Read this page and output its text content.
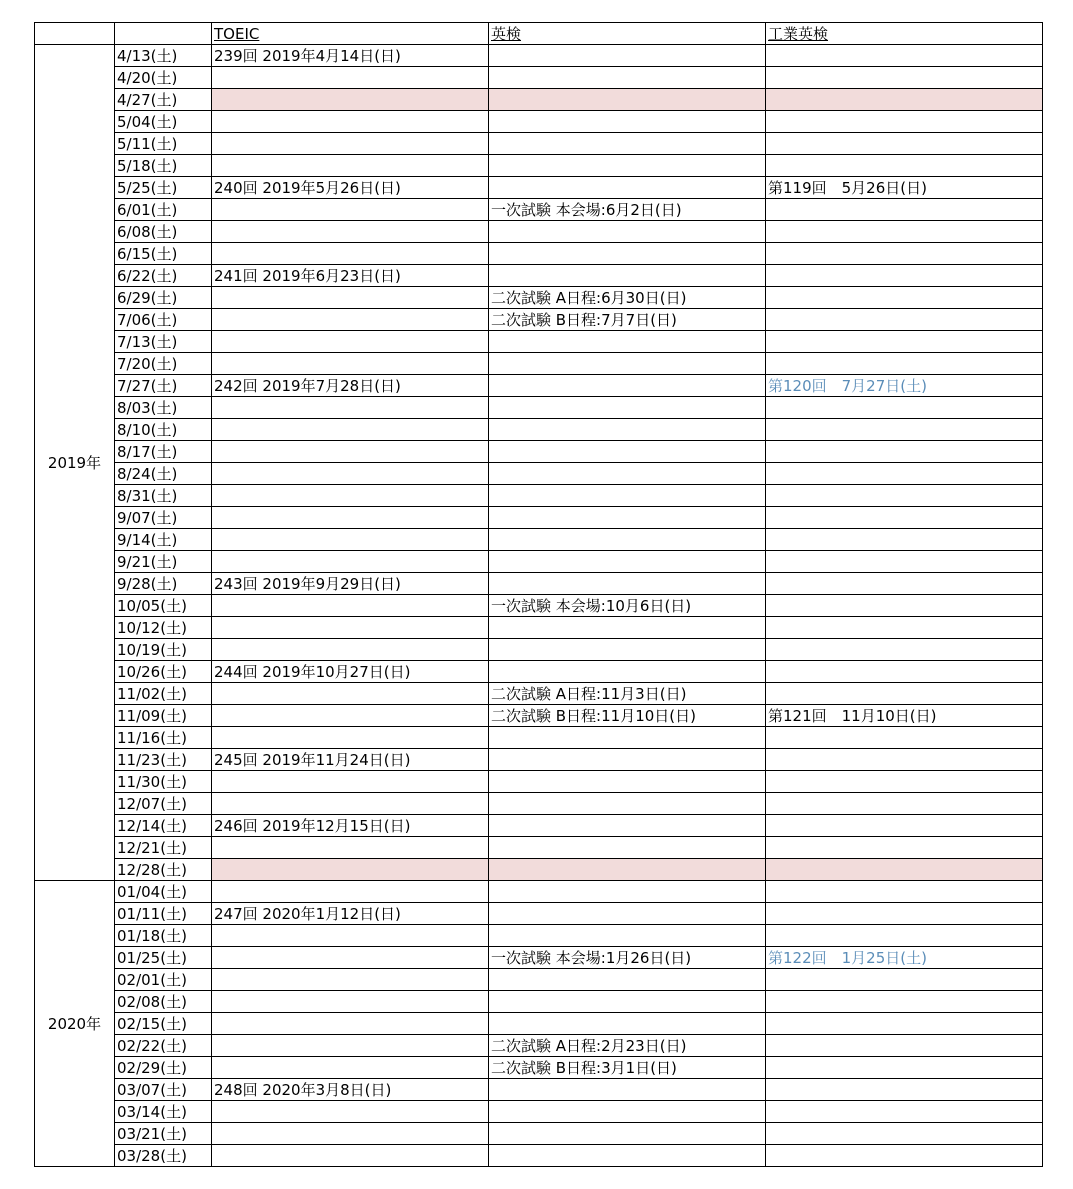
		TOEIC	英検	工業英検
2019年	4/13(土)	239回 2019年4月14日(日)		
	4/20(土)			
	4/27(土)			
	5/04(土)			
	5/11(土)			
	5/18(土)			
	5/25(土)	240回 2019年5月26日(日)		第119回　5月26日(日)
	6/01(土)		一次試験 本会場:6月2日(日)	
	6/08(土)			
	6/15(土)			
	6/22(土)	241回 2019年6月23日(日)		
	6/29(土)		二次試験 A日程:6月30日(日)	
	7/06(土)		二次試験 B日程:7月7日(日)	
	7/13(土)			
	7/20(土)			
	7/27(土)	242回 2019年7月28日(日)		第120回　7月27日(土)
	8/03(土)			
	8/10(土)			
	8/17(土)			
	8/24(土)			
	8/31(土)			
	9/07(土)			
	9/14(土)			
	9/21(土)			
	9/28(土)	243回 2019年9月29日(日)		
	10/05(土)		一次試験 本会場:10月6日(日)	
	10/12(土)			
	10/19(土)			
	10/26(土)	244回 2019年10月27日(日)		
	11/02(土)		二次試験 A日程:11月3日(日)	
	11/09(土)		二次試験 B日程:11月10日(日)	第121回　11月10日(日)
	11/16(土)			
	11/23(土)	245回 2019年11月24日(日)		
	11/30(土)			
	12/07(土)			
	12/14(土)	246回 2019年12月15日(日)		
	12/21(土)			
	12/28(土)			
2020年	01/04(土)			
	01/11(土)	247回 2020年1月12日(日)		
	01/18(土)			
	01/25(土)		一次試験 本会場:1月26日(日)	第122回　1月25日(土)
	02/01(土)			
	02/08(土)			
	02/15(土)			
	02/22(土)		二次試験 A日程:2月23日(日)	
	02/29(土)		二次試験 B日程:3月1日(日)	
	03/07(土)	248回 2020年3月8日(日)		
	03/14(土)			
	03/21(土)			
	03/28(土)			
